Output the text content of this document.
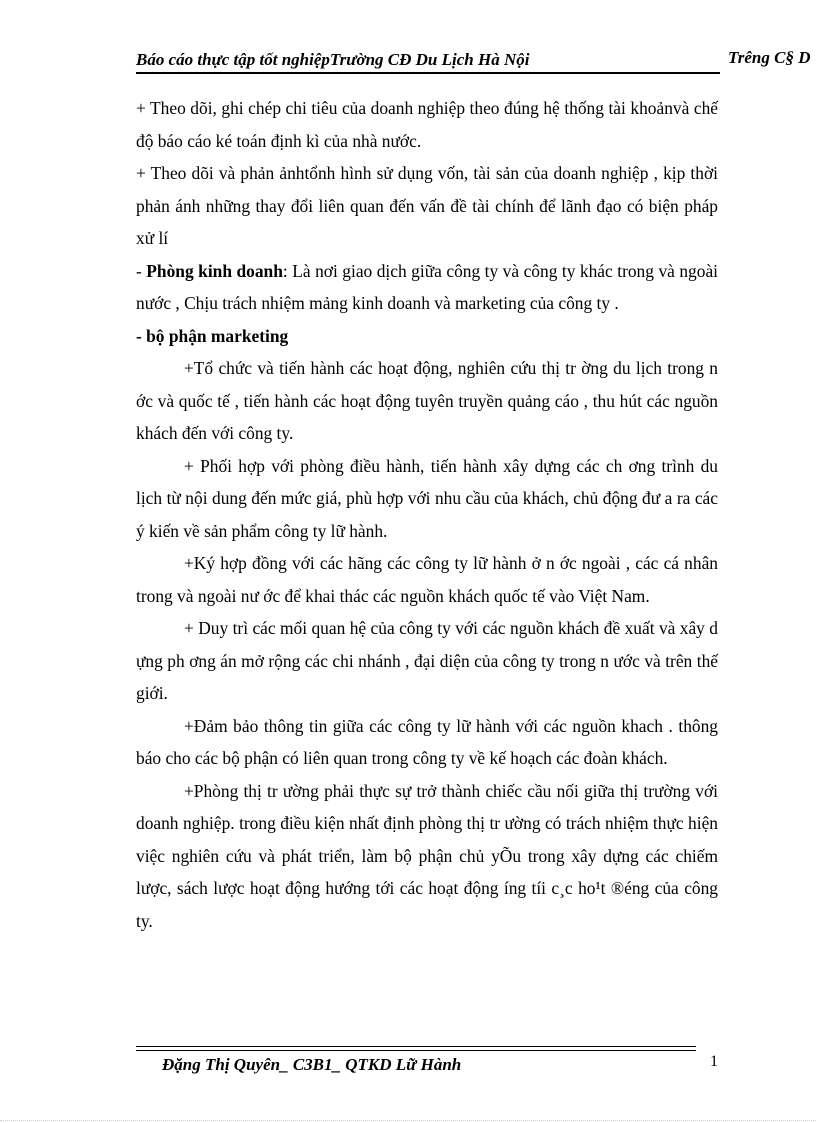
Báo cáo thực tập tốt nghiệpTrường CĐ Du Lịch Hà Nội	Trêng C§ D

+ Theo dõi, ghi chép chi tiêu của doanh nghiệp theo đúng hệ thống tài khoảnvà chế độ báo cáo ké toán định kì của nhà nước.

+ Theo dõi và phản ảnhtổnh hình sử dụng vốn, tài sản của doanh nghiệp , kịp thời phản ánh những thay đổi liên quan đến vấn đề tài chính để lãnh đạo có biện pháp xử lí

- Phòng kinh doanh: Là nơi giao dịch giữa công ty và công ty khác trong và ngoài nước , Chịu trách nhiệm mảng kinh doanh và marketing của công ty .

- bộ phận marketing

+Tổ chức và tiến hành các hoạt động, nghiên cứu thị tr ờng du lịch trong n ớc và quốc tế , tiến hành các hoạt động tuyên truyền quảng cáo , thu hút các nguồn khách đến với công ty.

+ Phối hợp với phòng điều hành, tiến hành xây dựng các ch ơng trình du lịch từ nội dung đến mức giá, phù hợp với nhu cầu của khách, chủ động đư a ra các ý kiến về sản phẩm công ty lữ hành.

+Ký hợp đồng với các hãng các công ty lữ hành ở n ớc ngoài , các cá nhân trong và ngoài nư ớc để khai thác các nguồn khách quốc tế vào Việt Nam.

+ Duy trì các mối quan hệ của công ty với các nguồn khách đề xuất và xây d ựng ph ơng án mở rộng các chi nhánh , đại diện của công ty trong n ước và trên thế giới.

+Đảm bảo thông tin giữa các công ty lữ hành với các nguồn khach . thông báo cho các bộ phận có liên quan trong công ty về kế hoạch các đoàn khách.

+Phòng thị tr ường phải thực sự trở thành chiếc cầu nối giữa thị trường với doanh nghiệp. trong điều kiện nhất định phòng thị tr ường có trách nhiệm thực hiện việc nghiên cứu và phát triển, làm bộ phận chủ yÕu trong xây dựng các chiếm lược, sách lược hoạt động hướng tới các hoạt động íng tíi c¸c ho¹t ®éng của công ty.

Đặng Thị Quyên_ C3B1_ QTKD Lữ Hành	1
